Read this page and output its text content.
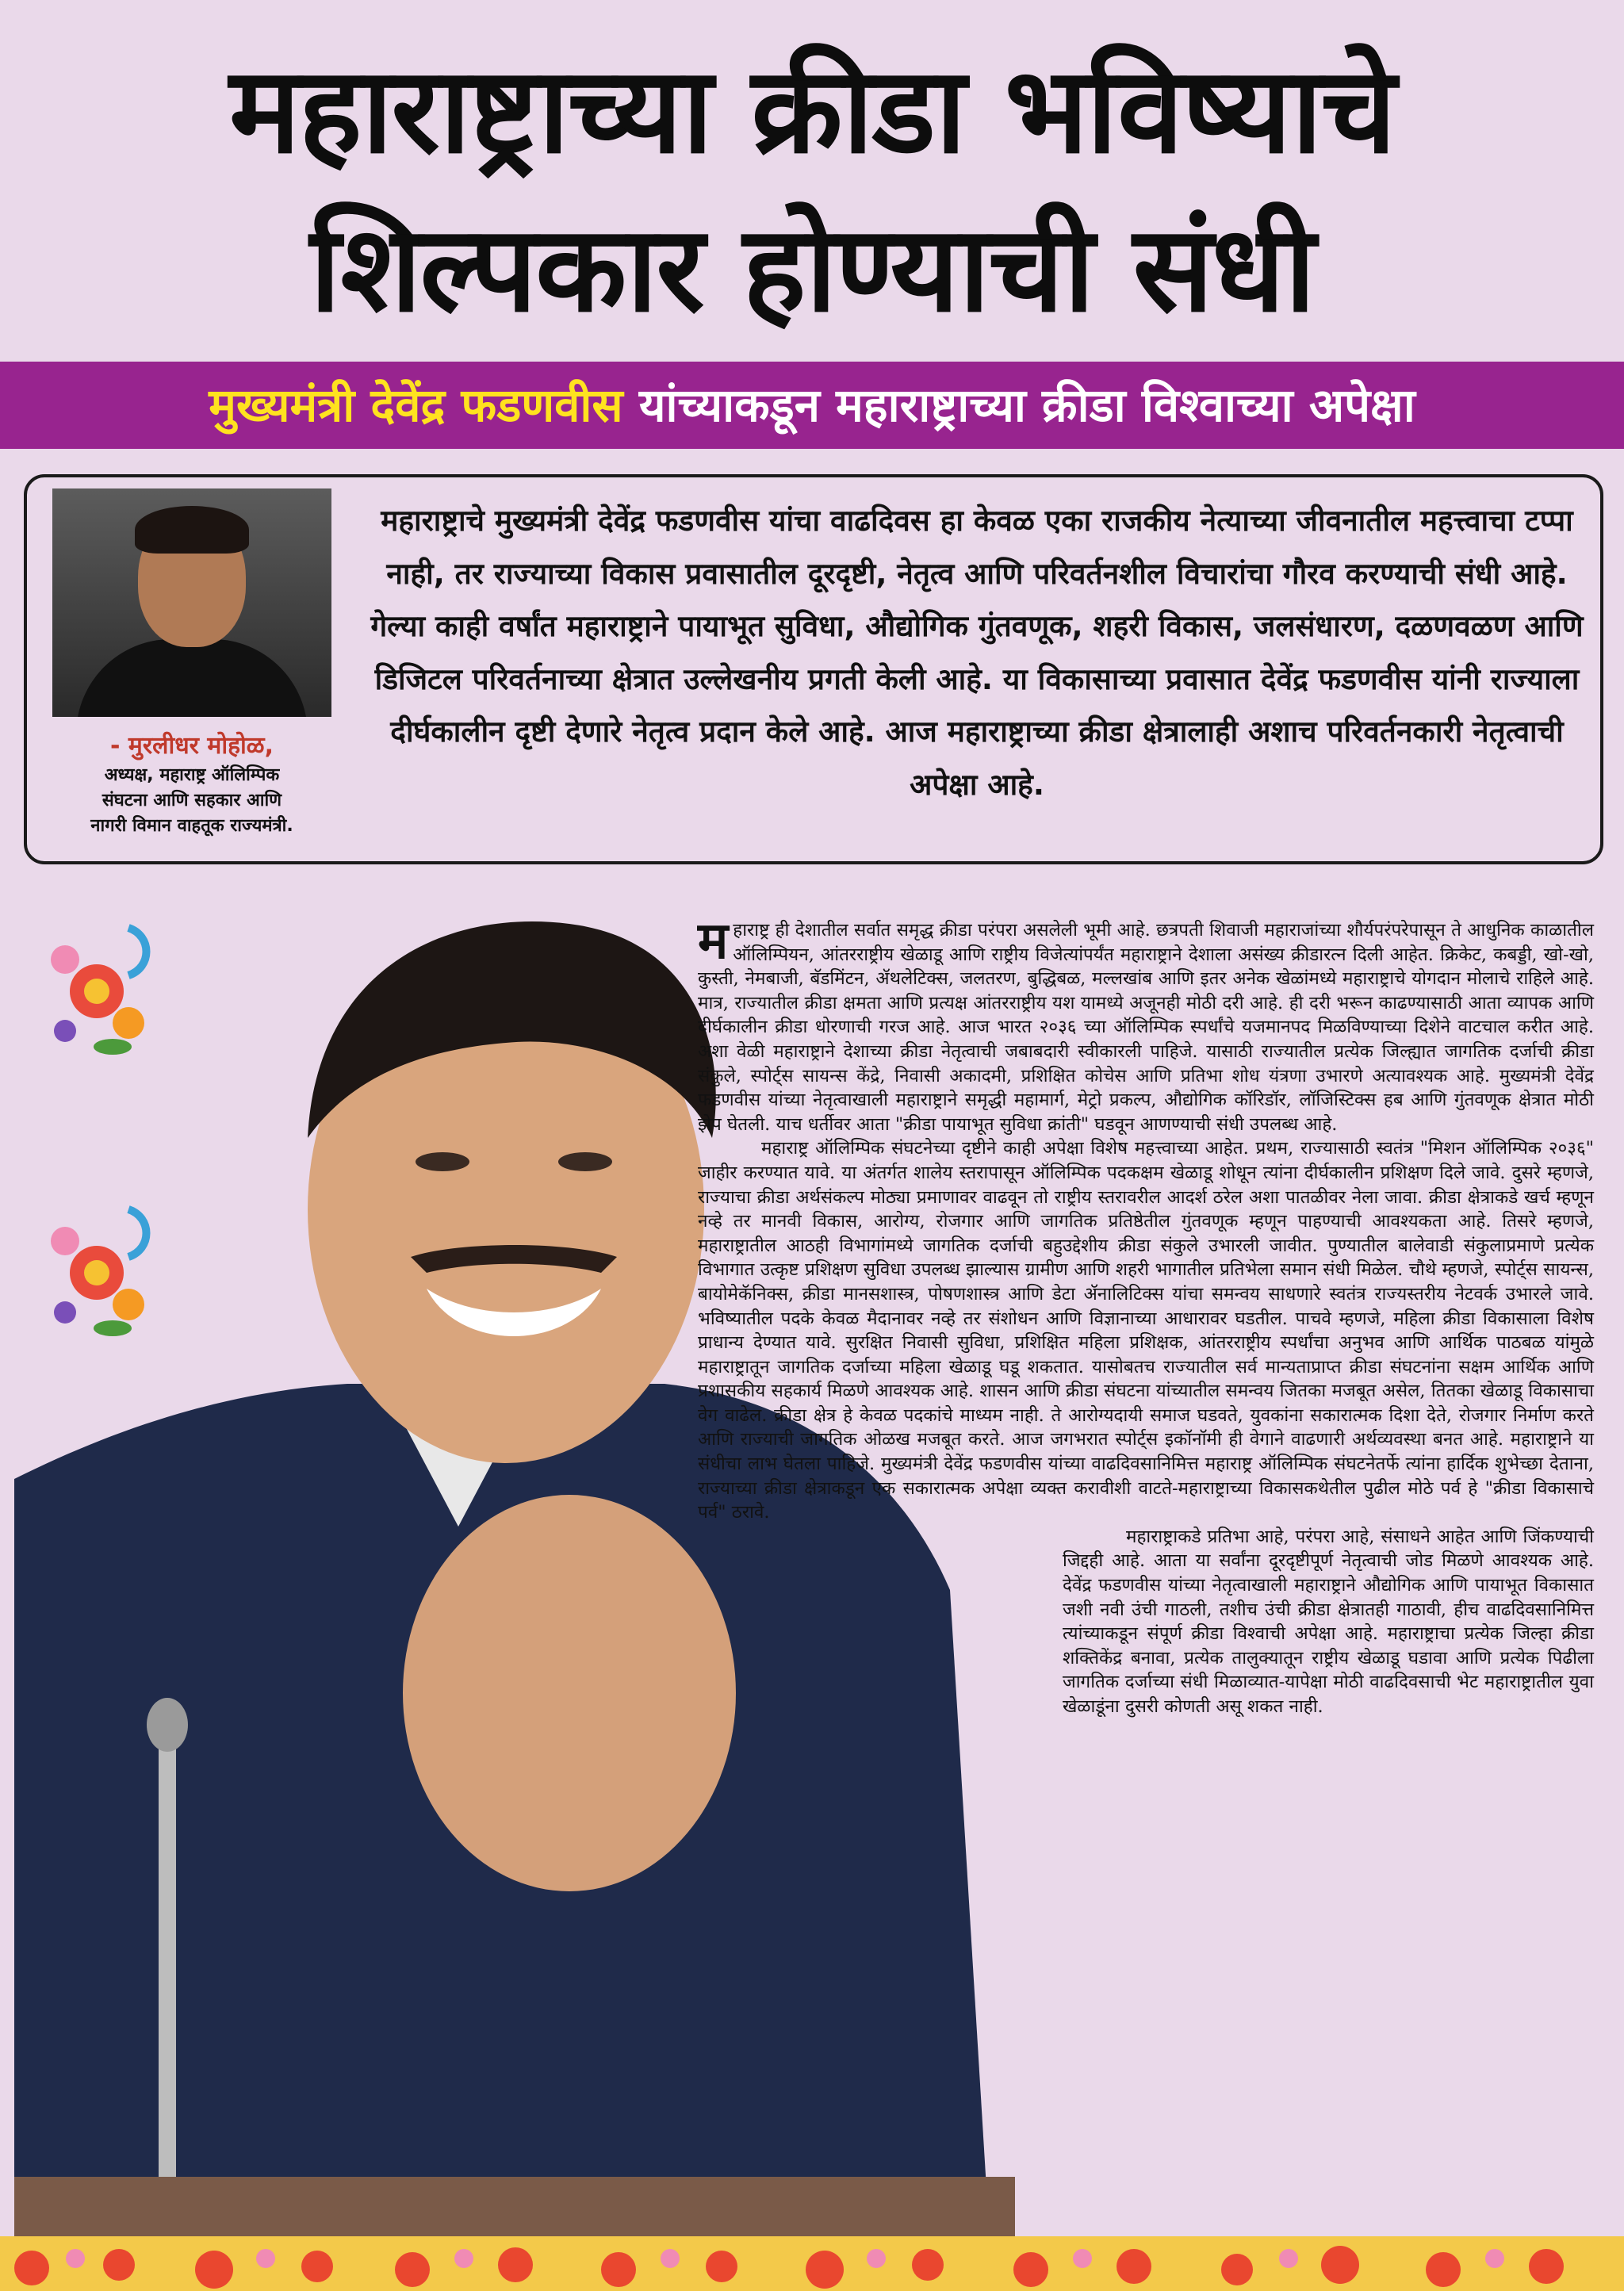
महाराष्ट्राच्या क्रीडा भविष्याचे
शिल्पकार होण्याची संधी
मुख्यमंत्री देवेंद्र फडणवीस यांच्याकडून महाराष्ट्राच्या क्रीडा विश्वाच्या अपेक्षा
- मुरलीधर मोहोळ,
अध्यक्ष, महाराष्ट्र ऑलिम्पिक
संघटना आणि सहकार आणि
नागरी विमान वाहतूक राज्यमंत्री.
महाराष्ट्राचे मुख्यमंत्री देवेंद्र फडणवीस यांचा वाढदिवस हा केवळ एका राजकीय नेत्याच्या जीवनातील महत्त्वाचा टप्पा नाही, तर राज्याच्या विकास प्रवासातील दूरदृष्टी, नेतृत्व आणि परिवर्तनशील विचारांचा गौरव करण्याची संधी आहे. गेल्या काही वर्षांत महाराष्ट्राने पायाभूत सुविधा, औद्योगिक गुंतवणूक, शहरी विकास, जलसंधारण, दळणवळण आणि डिजिटल परिवर्तनाच्या क्षेत्रात उल्लेखनीय प्रगती केली आहे. या विकासाच्या प्रवासात देवेंद्र फडणवीस यांनी राज्याला दीर्घकालीन दृष्टी देणारे नेतृत्व प्रदान केले आहे. आज महाराष्ट्राच्या क्रीडा क्षेत्रालाही अशाच परिवर्तनकारी नेतृत्वाची अपेक्षा आहे.

महाराष्ट्र ही देशातील सर्वात समृद्ध क्रीडा परंपरा असलेली भूमी आहे. छत्रपती शिवाजी महाराजांच्या शौर्यपरंपरेपासून ते आधुनिक काळातील ऑलिम्पियन, आंतरराष्ट्रीय खेळाडू आणि राष्ट्रीय विजेत्यांपर्यंत महाराष्ट्राने देशाला असंख्य क्रीडारत्न दिली आहेत. क्रिकेट, कबड्डी, खो-खो, कुस्ती, नेमबाजी, बॅडमिंटन, ॲथलेटिक्स, जलतरण, बुद्धिबळ, मल्लखांब आणि इतर अनेक खेळांमध्ये महाराष्ट्राचे योगदान मोलाचे राहिले आहे. मात्र, राज्यातील क्रीडा क्षमता आणि प्रत्यक्ष आंतरराष्ट्रीय यश यामध्ये अजूनही मोठी दरी आहे. ही दरी भरून काढण्यासाठी आता व्यापक आणि दीर्घकालीन क्रीडा धोरणाची गरज आहे. आज भारत २०३६ च्या ऑलिम्पिक स्पर्धांचे यजमानपद मिळविण्याच्या दिशेने वाटचाल करीत आहे. अशा वेळी महाराष्ट्राने देशाच्या क्रीडा नेतृत्वाची जबाबदारी स्वीकारली पाहिजे. यासाठी राज्यातील प्रत्येक जिल्ह्यात जागतिक दर्जाची क्रीडा संकुले, स्पोर्ट्स सायन्स केंद्रे, निवासी अकादमी, प्रशिक्षित कोचेस आणि प्रतिभा शोध यंत्रणा उभारणे अत्यावश्यक आहे. मुख्यमंत्री देवेंद्र फडणवीस यांच्या नेतृत्वाखाली महाराष्ट्राने समृद्धी महामार्ग, मेट्रो प्रकल्प, औद्योगिक कॉरिडॉर, लॉजिस्टिक्स हब आणि गुंतवणूक क्षेत्रात मोठी झेप घेतली. याच धर्तीवर आता "क्रीडा पायाभूत सुविधा क्रांती" घडवून आणण्याची संधी उपलब्ध आहे.

महाराष्ट्र ऑलिम्पिक संघटनेच्या दृष्टीने काही अपेक्षा विशेष महत्त्वाच्या आहेत. प्रथम, राज्यासाठी स्वतंत्र "मिशन ऑलिम्पिक २०३६" जाहीर करण्यात यावे. या अंतर्गत शालेय स्तरापासून ऑलिम्पिक पदकक्षम खेळाडू शोधून त्यांना दीर्घकालीन प्रशिक्षण दिले जावे. दुसरे म्हणजे, राज्याचा क्रीडा अर्थसंकल्प मोठ्या प्रमाणावर वाढवून तो राष्ट्रीय स्तरावरील आदर्श ठरेल अशा पातळीवर नेला जावा. क्रीडा क्षेत्राकडे खर्च म्हणून नव्हे तर मानवी विकास, आरोग्य, रोजगार आणि जागतिक प्रतिष्ठेतील गुंतवणूक म्हणून पाहण्याची आवश्यकता आहे. तिसरे म्हणजे, महाराष्ट्रातील आठही विभागांमध्ये जागतिक दर्जाची बहुउद्देशीय क्रीडा संकुले उभारली जावीत. पुण्यातील बालेवाडी संकुलाप्रमाणे प्रत्येक विभागात उत्कृष्ट प्रशिक्षण सुविधा उपलब्ध झाल्यास ग्रामीण आणि शहरी भागातील प्रतिभेला समान संधी मिळेल. चौथे म्हणजे, स्पोर्ट्स सायन्स, बायोमेकॅनिक्स, क्रीडा मानसशास्त्र, पोषणशास्त्र आणि डेटा ॲनालिटिक्स यांचा समन्वय साधणारे स्वतंत्र राज्यस्तरीय नेटवर्क उभारले जावे. भविष्यातील पदके केवळ मैदानावर नव्हे तर संशोधन आणि विज्ञानाच्या आधारावर घडतील. पाचवे म्हणजे, महिला क्रीडा विकासाला विशेष प्राधान्य देण्यात यावे. सुरक्षित निवासी सुविधा, प्रशिक्षित महिला प्रशिक्षक, आंतरराष्ट्रीय स्पर्धांचा अनुभव आणि आर्थिक पाठबळ यांमुळे महाराष्ट्रातून जागतिक दर्जाच्या महिला खेळाडू घडू शकतात. यासोबतच राज्यातील सर्व मान्यताप्राप्त क्रीडा संघटनांना सक्षम आर्थिक आणि प्रशासकीय सहकार्य मिळणे आवश्यक आहे. शासन आणि क्रीडा संघटना यांच्यातील समन्वय जितका मजबूत असेल, तितका खेळाडू विकासाचा वेग वाढेल. क्रीडा क्षेत्र हे केवळ पदकांचे माध्यम नाही. ते आरोग्यदायी समाज घडवते, युवकांना सकारात्मक दिशा देते, रोजगार निर्माण करते आणि राज्याची जागतिक ओळख मजबूत करते. आज जगभरात स्पोर्ट्स इकॉनॉमी ही वेगाने वाढणारी अर्थव्यवस्था बनत आहे. महाराष्ट्राने या संधीचा लाभ घेतला पाहिजे. मुख्यमंत्री देवेंद्र फडणवीस यांच्या वाढदिवसानिमित्त महाराष्ट्र ऑलिम्पिक संघटनेतर्फे त्यांना हार्दिक शुभेच्छा देताना, राज्याच्या क्रीडा क्षेत्राकडून एक सकारात्मक अपेक्षा व्यक्त करावीशी वाटते-महाराष्ट्राच्या विकासकथेतील पुढील मोठे पर्व हे "क्रीडा विकासाचे पर्व" ठरावे.

महाराष्ट्राकडे प्रतिभा आहे, परंपरा आहे, संसाधने आहेत आणि जिंकण्याची जिद्दही आहे. आता या सर्वांना दूरदृष्टीपूर्ण नेतृत्वाची जोड मिळणे आवश्यक आहे. देवेंद्र फडणवीस यांच्या नेतृत्वाखाली महाराष्ट्राने औद्योगिक आणि पायाभूत विकासात जशी नवी उंची गाठली, तशीच उंची क्रीडा क्षेत्रातही गाठावी, हीच वाढदिवसानिमित्त त्यांच्याकडून संपूर्ण क्रीडा विश्वाची अपेक्षा आहे. महाराष्ट्राचा प्रत्येक जिल्हा क्रीडा शक्तिकेंद्र बनावा, प्रत्येक तालुक्यातून राष्ट्रीय खेळाडू घडावा आणि प्रत्येक पिढीला जागतिक दर्जाच्या संधी मिळाव्यात-यापेक्षा मोठी वाढदिवसाची भेट महाराष्ट्रातील युवा खेळाडूंना दुसरी कोणती असू शकत नाही.
